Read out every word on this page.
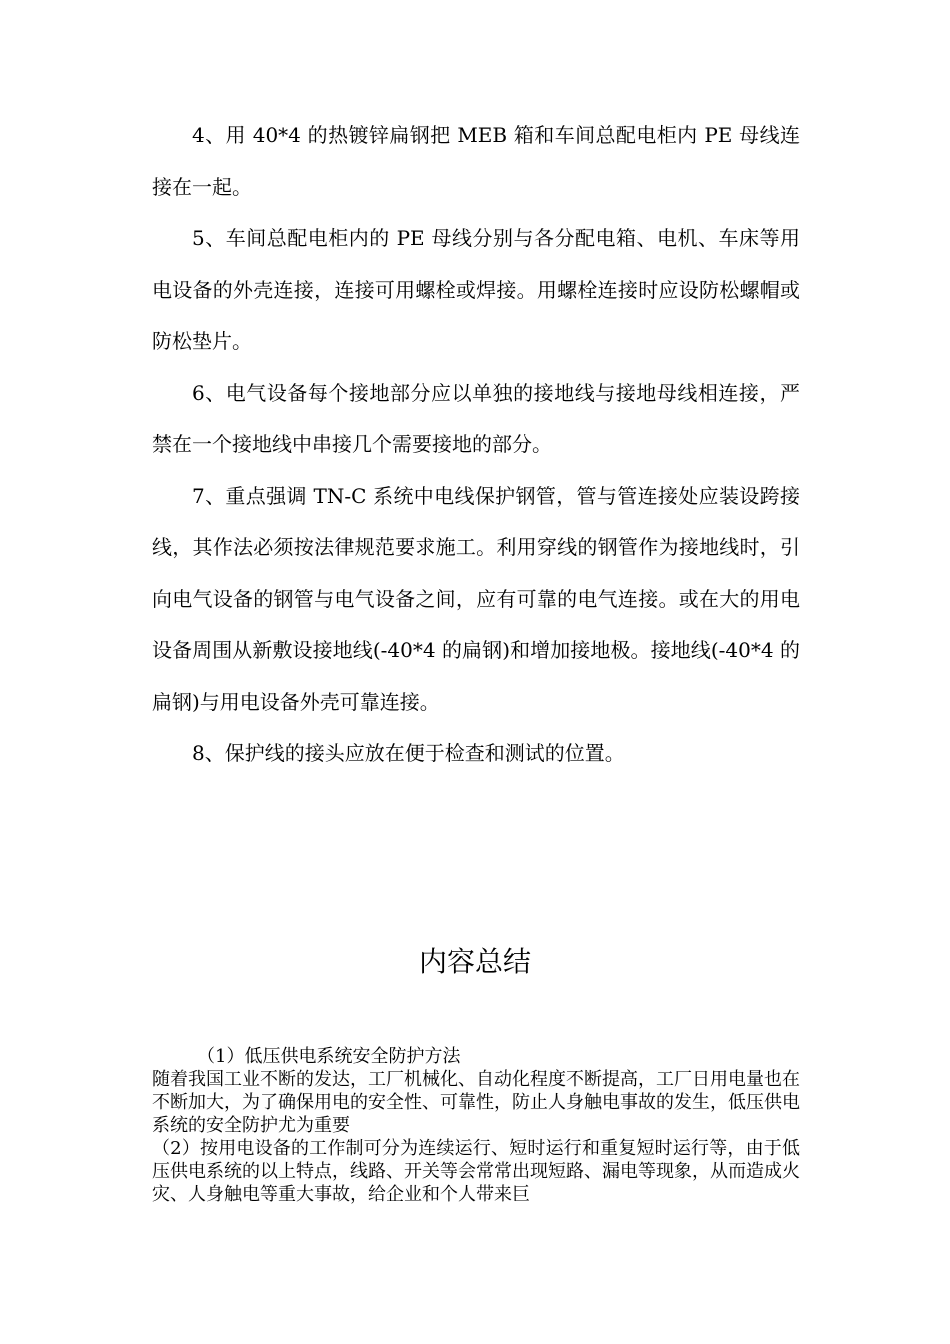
4、用 40*4 的热镀锌扁钢把 MEB 箱和车间总配电柜内 PE 母线连接在一起。

5、车间总配电柜内的 PE 母线分别与各分配电箱、电机、车床等用电设备的外壳连接，连接可用螺栓或焊接。用螺栓连接时应设防松螺帽或防松垫片。

6、电气设备每个接地部分应以单独的接地线与接地母线相连接，严禁在一个接地线中串接几个需要接地的部分。

7、重点强调 TN-C 系统中电线保护钢管，管与管连接处应装设跨接线，其作法必须按法律规范要求施工。利用穿线的钢管作为接地线时，引向电气设备的钢管与电气设备之间，应有可靠的电气连接。或在大的用电设备周围从新敷设接地线(-40*4 的扁钢)和增加接地极。接地线(-40*4 的扁钢)与用电设备外壳可靠连接。

8、保护线的接头应放在便于检查和测试的位置。

内容总结

（1）低压供电系统安全防护方法

随着我国工业不断的发达，工厂机械化、自动化程度不断提高，工厂日用电量也在不断加大，为了确保用电的安全性、可靠性，防止人身触电事故的发生，低压供电系统的安全防护尤为重要

（2）按用电设备的工作制可分为连续运行、短时运行和重复短时运行等，由于低压供电系统的以上特点，线路、开关等会常常出现短路、漏电等现象，从而造成火灾、人身触电等重大事故，给企业和个人带来巨
